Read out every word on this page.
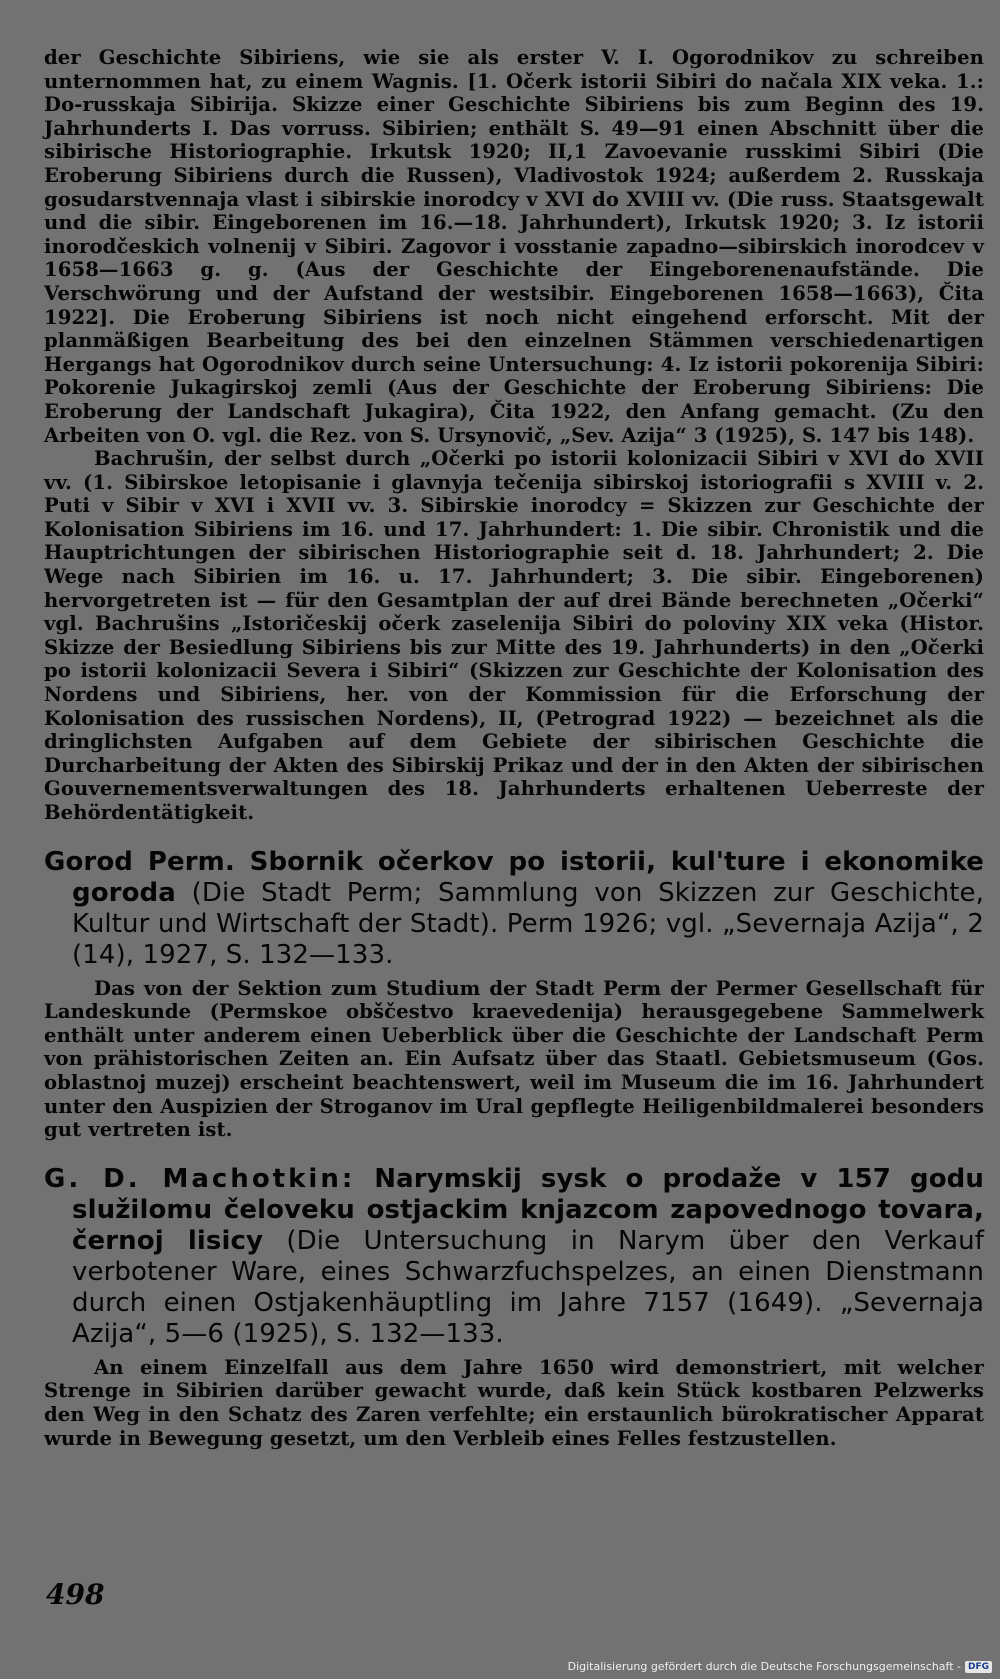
der Geschichte Sibiriens, wie sie als erster V. I. Ogorodnikov zu schreiben unternommen hat, zu einem Wagnis. [1. Očerk istorii Sibiri do načala XIX veka. 1.: Do-russkaja Sibirija. Skizze einer Geschichte Sibiriens bis zum Beginn des 19. Jahrhunderts I. Das vorruss. Sibirien; enthält S. 49—91 einen Abschnitt über die sibirische Historiographie. Irkutsk 1920; II,1 Zavoevanie russkimi Sibiri (Die Eroberung Sibiriens durch die Russen), Vladivostok 1924; außerdem 2. Russkaja gosudarstvennaja vlast i sibirskie inorodcy v XVI do XVIII vv. (Die russ. Staatsgewalt und die sibir. Eingeborenen im 16.—18. Jahrhundert), Irkutsk 1920; 3. Iz istorii inorodčeskich volnenij v Sibiri. Zagovor i vosstanie zapadno—sibirskich inorodcev v 1658—1663 g. g. (Aus der Geschichte der Eingeborenenaufstände. Die Verschwörung und der Aufstand der westsibir. Eingeborenen 1658—1663), Čita 1922]. Die Eroberung Sibiriens ist noch nicht eingehend erforscht. Mit der planmäßigen Bearbeitung des bei den einzelnen Stämmen verschiedenartigen Hergangs hat Ogorodnikov durch seine Untersuchung: 4. Iz istorii pokorenija Sibiri: Pokorenie Jukagirskoj zemli (Aus der Geschichte der Eroberung Sibiriens: Die Eroberung der Landschaft Jukagira), Čita 1922, den Anfang gemacht. (Zu den Arbeiten von O. vgl. die Rez. von S. Ursynovič, „Sev. Azija“ 3 (1925), S. 147 bis 148).

Bachrušin, der selbst durch „Očerki po istorii kolonizacii Sibiri v XVI do XVII vv. (1. Sibirskoe letopisanie i glavnyja tečenija sibirskoj istoriografii s XVIII v. 2. Puti v Sibir v XVI i XVII vv. 3. Sibirskie inorodcy = Skizzen zur Geschichte der Kolonisation Sibiriens im 16. und 17. Jahrhundert: 1. Die sibir. Chronistik und die Hauptrichtungen der sibirischen Historiographie seit d. 18. Jahrhundert; 2. Die Wege nach Sibirien im 16. u. 17. Jahrhundert; 3. Die sibir. Eingeborenen) hervorgetreten ist — für den Gesamtplan der auf drei Bände berechneten „Očerki“ vgl. Bachrušins „Istoričeskij očerk zaselenija Sibiri do poloviny XIX veka (Histor. Skizze der Besiedlung Sibiriens bis zur Mitte des 19. Jahrhunderts) in den „Očerki po istorii kolonizacii Severa i Sibiri“ (Skizzen zur Geschichte der Kolonisation des Nordens und Sibiriens, her. von der Kommission für die Erforschung der Kolonisation des russischen Nordens), II, (Petrograd 1922) — bezeichnet als die dringlichsten Aufgaben auf dem Gebiete der sibirischen Geschichte die Durcharbeitung der Akten des Sibirskij Prikaz und der in den Akten der sibirischen Gouvernementsverwaltungen des 18. Jahrhunderts erhaltenen Ueberreste der Behördentätigkeit.

Gorod Perm. Sbornik očerkov po istorii, kul'ture i ekonomike goroda (Die Stadt Perm; Sammlung von Skizzen zur Geschichte, Kultur und Wirtschaft der Stadt). Perm 1926; vgl. „Severnaja Azija“, 2 (14), 1927, S. 132—133.

Das von der Sektion zum Studium der Stadt Perm der Permer Gesellschaft für Landeskunde (Permskoe obščestvo kraevedenija) herausgegebene Sammelwerk enthält unter anderem einen Ueberblick über die Geschichte der Landschaft Perm von prähistorischen Zeiten an. Ein Aufsatz über das Staatl. Gebietsmuseum (Gos. oblastnoj muzej) erscheint beachtenswert, weil im Museum die im 16. Jahrhundert unter den Auspizien der Stroganov im Ural gepflegte Heiligenbildmalerei besonders gut vertreten ist.

G. D. Machotkin: Narymskij sysk o prodaže v 157 godu služilomu čeloveku ostjackim knjazcom zapovednogo tovara, černoj lisicy (Die Untersuchung in Narym über den Verkauf verbotener Ware, eines Schwarzfuchspelzes, an einen Dienstmann durch einen Ostjakenhäuptling im Jahre 7157 (1649). „Severnaja Azija“, 5—6 (1925), S. 132—133.

An einem Einzelfall aus dem Jahre 1650 wird demonstriert, mit welcher Strenge in Sibirien darüber gewacht wurde, daß kein Stück kostbaren Pelzwerks den Weg in den Schatz des Zaren verfehlte; ein erstaunlich bürokratischer Apparat wurde in Bewegung gesetzt, um den Verbleib eines Felles festzustellen.

498
Digitalisierung gefördert durch die Deutsche Forschungsgemeinschaft - DFG
